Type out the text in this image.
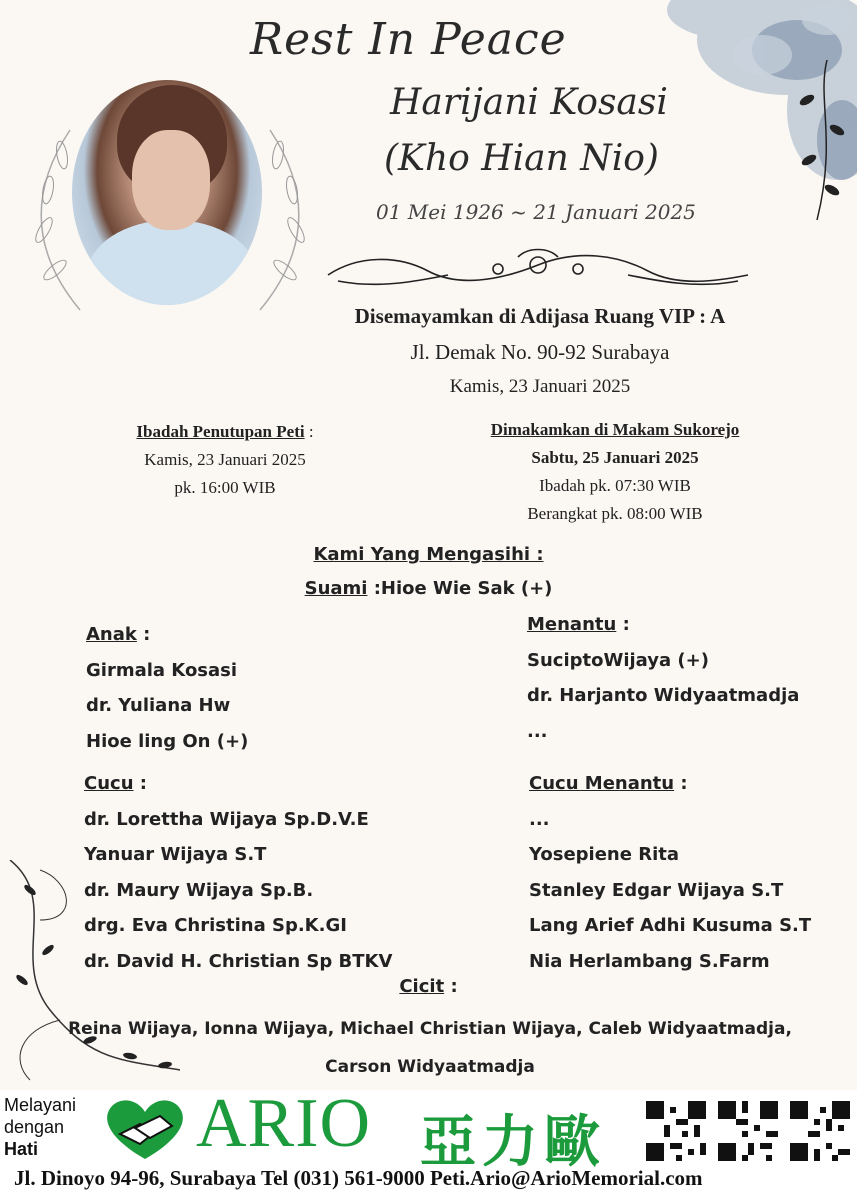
Rest In Peace
Harijani Kosasi
(Kho Hian Nio)
01 Mei 1926 ~ 21 Januari 2025
Disemayamkan di Adijasa Ruang VIP : A
Jl. Demak No. 90-92 Surabaya
Kamis, 23 Januari 2025
Ibadah Penutupan Peti :
Kamis, 23 Januari 2025
pk. 16:00 WIB
Dimakamkan di Makam Sukorejo
Sabtu, 25 Januari 2025
Ibadah pk. 07:30 WIB
Berangkat pk. 08:00 WIB
Kami Yang Mengasihi :
Suami :Hioe Wie Sak (+)
Anak :
Girmala Kosasi
dr. Yuliana Hw
Hioe ling On (+)
Menantu :
SuciptoWijaya (+)
dr. Harjanto Widyaatmadja
...
Cucu :
dr. Lorettha Wijaya Sp.D.V.E
Yanuar Wijaya S.T
dr. Maury Wijaya Sp.B.
drg. Eva Christina Sp.K.GI
dr. David H. Christian Sp BTKV
Cucu Menantu :
...
Yosepiene Rita
Stanley Edgar Wijaya S.T
Lang Arief Adhi Kusuma S.T
Nia Herlambang S.Farm
Cicit :
Reina Wijaya, Ionna Wijaya, Michael Christian Wijaya, Caleb Widyaatmadja,
Carson Widyaatmadja
Melayani
dengan
Hati	ARIO 亞力歐
Jl. Dinoyo 94-96, Surabaya Tel (031) 561-9000 Peti.Ario@ArioMemorial.com
